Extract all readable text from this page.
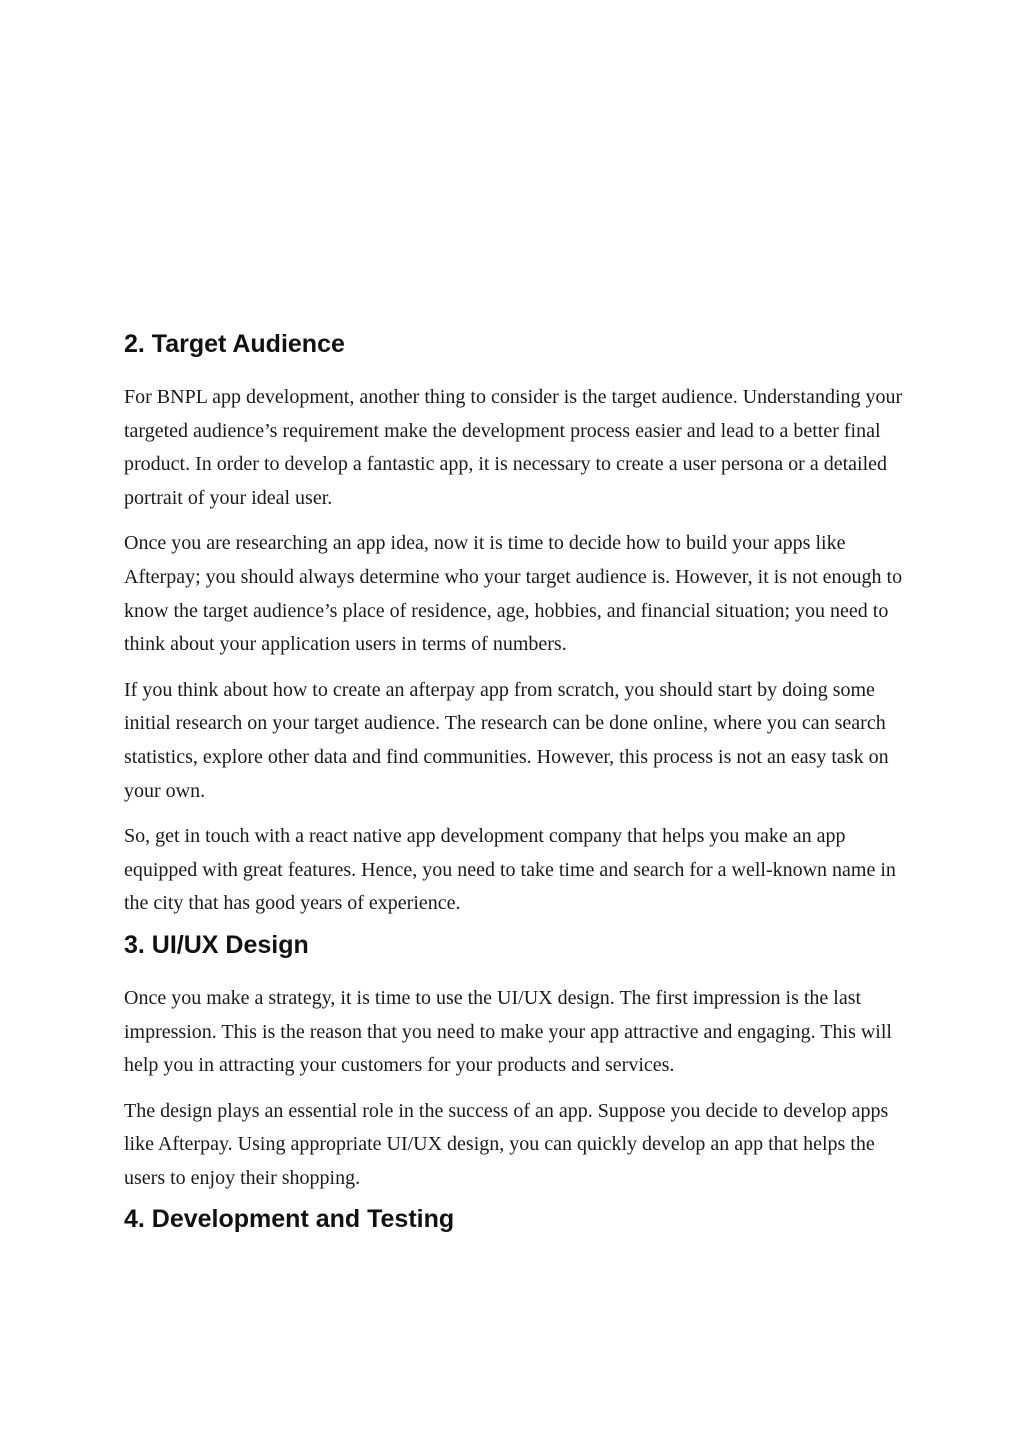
2. Target Audience

For BNPL app development, another thing to consider is the target audience. Understanding your targeted audience’s requirement make the development process easier and lead to a better final product. In order to develop a fantastic app, it is necessary to create a user persona or a detailed portrait of your ideal user.

Once you are researching an app idea, now it is time to decide how to build your apps like Afterpay; you should always determine who your target audience is. However, it is not enough to know the target audience’s place of residence, age, hobbies, and financial situation; you need to think about your application users in terms of numbers.

If you think about how to create an afterpay app from scratch, you should start by doing some initial research on your target audience. The research can be done online, where you can search statistics, explore other data and find communities. However, this process is not an easy task on your own.

So, get in touch with a react native app development company that helps you make an app equipped with great features. Hence, you need to take time and search for a well-known name in the city that has good years of experience.

3. UI/UX Design

Once you make a strategy, it is time to use the UI/UX design. The first impression is the last impression. This is the reason that you need to make your app attractive and engaging. This will help you in attracting your customers for your products and services.

The design plays an essential role in the success of an app. Suppose you decide to develop apps like Afterpay. Using appropriate UI/UX design, you can quickly develop an app that helps the users to enjoy their shopping.

4. Development and Testing
